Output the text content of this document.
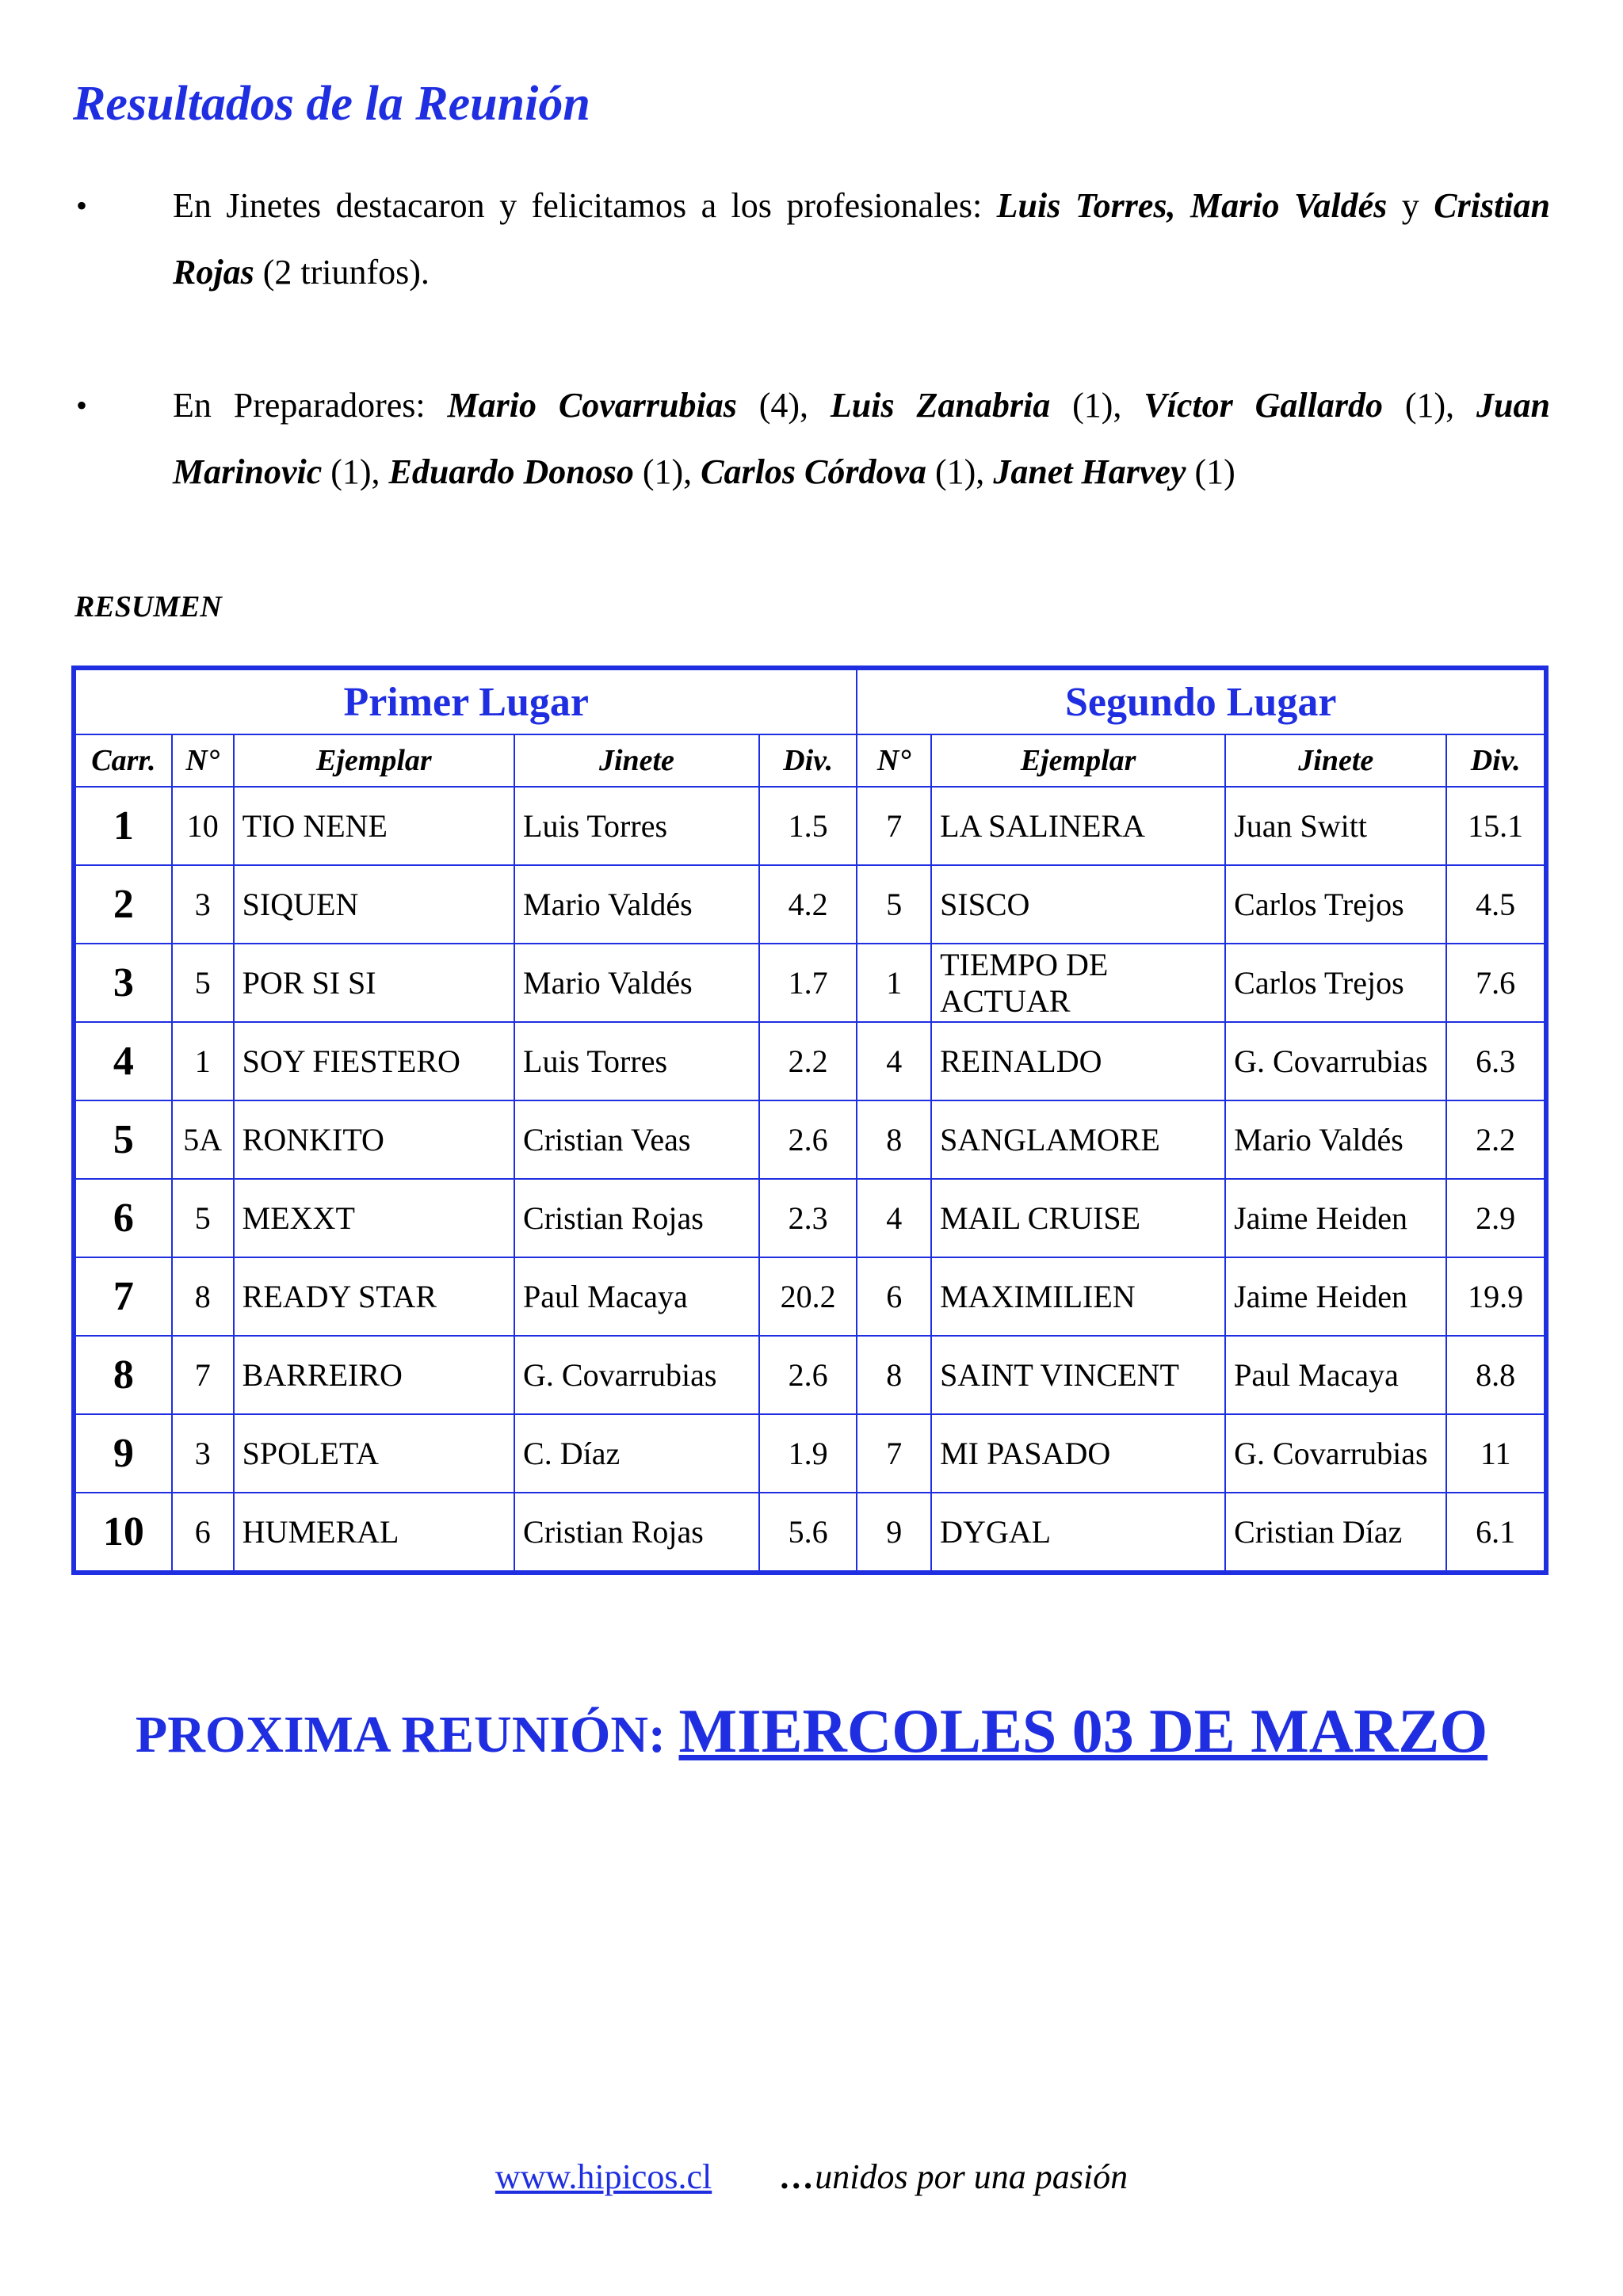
Resultados de la Reunión
• En Jinetes destacaron y felicitamos a los profesionales: Luis Torres, Mario Valdés y Cristian Rojas (2 triunfos).
• En Preparadores: Mario Covarrubias (4), Luis Zanabria (1), Víctor Gallardo (1), Juan Marinovic (1), Eduardo Donoso (1), Carlos Córdova (1), Janet Harvey (1)
RESUMEN
Primer Lugar					Segundo Lugar			
Carr.	N°	Ejemplar	Jinete	Div.	N°	Ejemplar	Jinete	Div.
1	10	TIO NENE	Luis Torres	1.5	7	LA SALINERA	Juan Switt	15.1
2	3	SIQUEN	Mario Valdés	4.2	5	SISCO	Carlos Trejos	4.5
3	5	POR SI SI	Mario Valdés	1.7	1	TIEMPO DE ACTUAR	Carlos Trejos	7.6
4	1	SOY FIESTERO	Luis Torres	2.2	4	REINALDO	G. Covarrubias	6.3
5	5A	RONKITO	Cristian Veas	2.6	8	SANGLAMORE	Mario Valdés	2.2
6	5	MEXXT	Cristian Rojas	2.3	4	MAIL CRUISE	Jaime Heiden	2.9
7	8	READY STAR	Paul Macaya	20.2	6	MAXIMILIEN	Jaime Heiden	19.9
8	7	BARREIRO	G. Covarrubias	2.6	8	SAINT VINCENT	Paul Macaya	8.8
9	3	SPOLETA	C. Díaz	1.9	7	MI PASADO	G. Covarrubias	11
10	6	HUMERAL	Cristian Rojas	5.6	9	DYGAL	Cristian Díaz	6.1
PROXIMA REUNIÓN: MIERCOLES 03 DE MARZO
www.hipicos.cl …unidos por una pasión
